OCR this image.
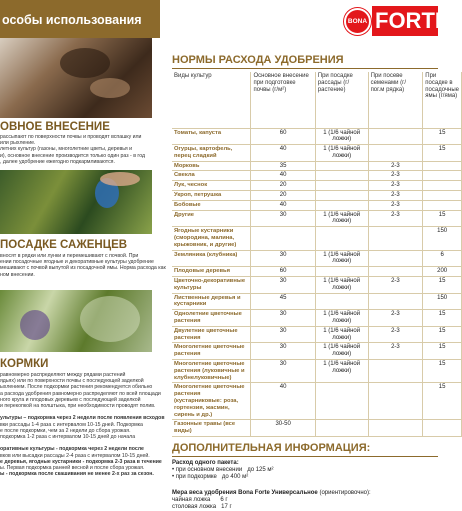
особы использования	BONA FORTE
ОВНОЕ ВНЕСЕНИЕ
рассыпают по поверхности почвы и проводят вспашку или
или рыхление.
летних культур (газоны, многолетние цветы, деревья и
и), основное внесение производится только один раз - в год
, далее удобрение ежегодно подкармливаются.
ПОСАДКЕ САЖЕНЦЕВ
вносят в рядки или лунки и перемешивают с почвой. При
ении посадочные ягодные и декоративные культуры удобрение
мешивают с почвой выпутой из посадочной ямы. Норма расхода как
ном внесении.
КОРМКИ
равномерно распределяют между рядами растений
ядьях) или по поверхности почвы с последующей заделкой
ыхлением. После подкормки растения рекомендуется обильно
а расхода удобрения равномерно распределяют по всей площади
ного круга и плодовых деревьев с последующей заделкой
и перекопкой на полштыка, при необходимости проводят полив.

ультуры – подкормка через 2 недели после появления всходов
вки рассады 1-4 раза с интервалом 10-15 дней. Подкормка
е после подкормки, чем за 2 недели до сбора урожая.
подкормка 1-2 раза с интервалом 10-15 дней до начала

оративные культуры - подкормка через 2 недели после
вков или высадки рассады 2-4 раза с интервалом 10-15 дней.
е деревья, ягодные кустарники - подкормка 2-3 раза в течение
ы. Первая подкормка ранней весной и после сбора урожая.
ы - подкормка после скашивания не менее 2-х раз за сезон.
НОРМЫ РАСХОДА УДОБРЕНИЯ
Виды культур	Основное внесение при подготовке почвы (г/м²)	При посадке рассады (г/растение)	При посеве семенами (г/ пог.м рядка)	При посадке в посадочные ямы (г/яма)
Томаты, капуста	60	1 (1/6 чайной ложки)		15
Огурцы, картофель, перец сладкий	40	1 (1/6 чайной ложки)		15
Морковь	35		2-3	
Свекла	40		2-3	
Лук, чеснок	20		2-3	
Укроп, петрушка	20		2-3	
Бобовые	40		2-3	
Другие	30	1 (1/6 чайной ложки)	2-3	15
Ягодные кустарники (смородина, малина, крыжовник, и другие)				150
Земляника (клубника)	30	1 (1/6 чайной ложки)		6
Плодовые деревья	60			200
Цветочно-декоративные культуры	30	1 (1/6 чайной ложки)	2-3	15
Лиственные деревья и кустарники	45			150
Однолетние цветочные растения	30	1 (1/6 чайной ложки)	2-3	15
Двулетние цветочные растения	30	1 (1/6 чайной ложки)	2-3	15
Многолетние цветочные растения	30	1 (1/6 чайной ложки)	2-3	15
Многолетние цветочные растения (луковичные и клубнелуковичные)	30	1 (1/6 чайной ложки)		15
Многолетние цветочные растения (кустарниковые: роза, гортензия, жасмин, сирень и др.)	40			15
Газонные травы (все виды)	30-50			
ДОПОЛНИТЕЛЬНАЯ ИНФОРМАЦИЯ:
Расход одного пакета:
• при основном внесении до 125 м²
• при подкормке до 400 м²
Мера веса удобрения Bona Forte Универсальное (ориентировочно):
чайная ложка 6 г
столовая ложка 17 г
